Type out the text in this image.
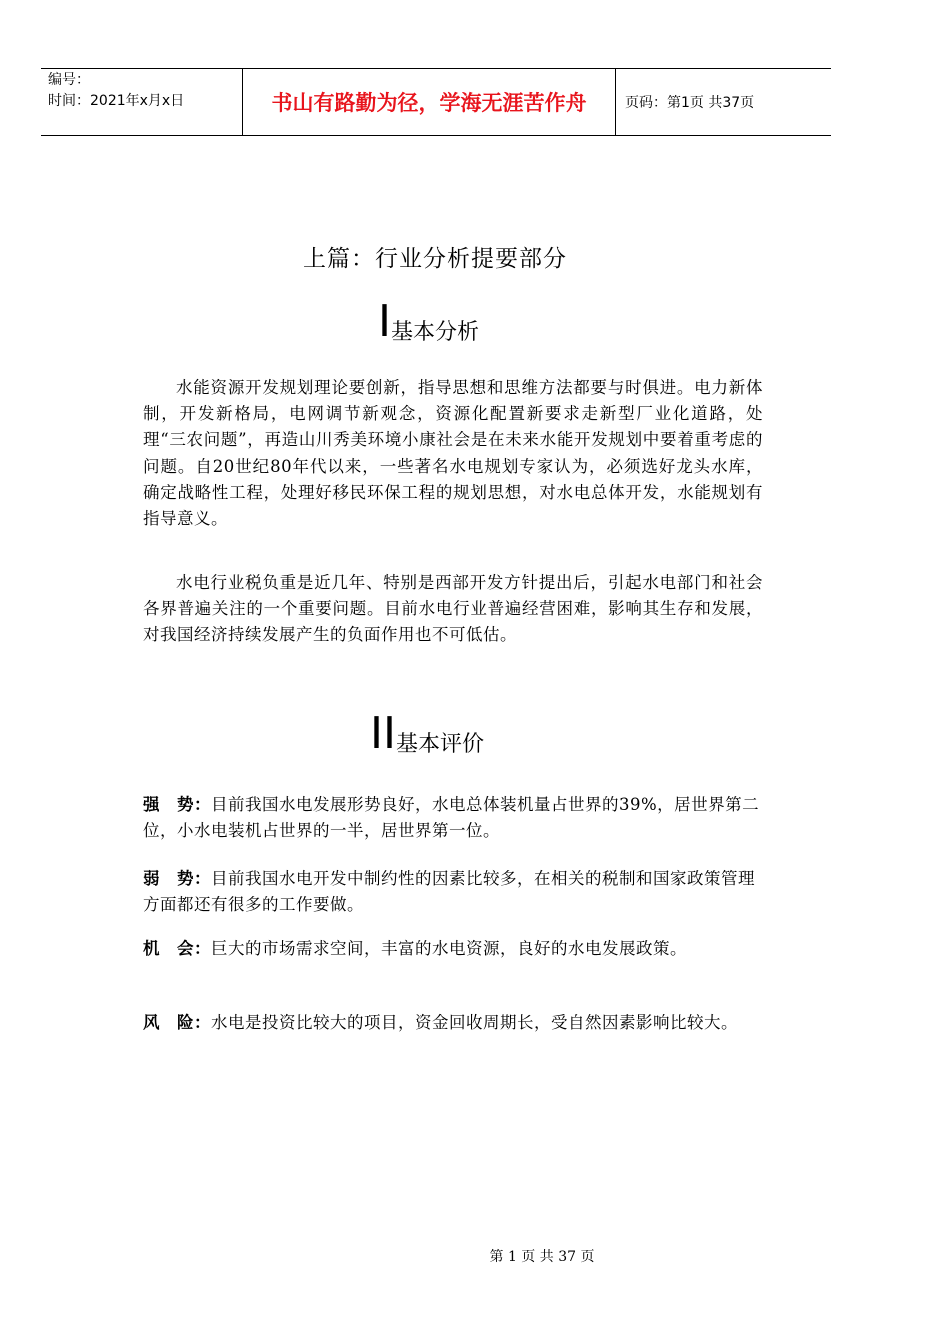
编号：
时间：2021年x月x日	书山有路勤为径，学海无涯苦作舟	页码：第1页 共37页
上篇：行业分析提要部分
I基本分析
水能资源开发规划理论要创新，指导思想和思维方法都要与时俱进。电力新体制，开发新格局，电网调节新观念，资源化配置新要求走新型厂业化道路，处理“三农问题”，再造山川秀美环境小康社会是在未来水能开发规划中要着重考虑的问题。自20世纪80年代以来，一些著名水电规划专家认为，必须选好龙头水库，确定战略性工程，处理好移民环保工程的规划思想，对水电总体开发，水能规划有指导意义。
水电行业税负重是近几年、特别是西部开发方针提出后，引起水电部门和社会各界普遍关注的一个重要问题。目前水电行业普遍经营困难，影响其生存和发展，对我国经济持续发展产生的负面作用也不可低估。
II基本评价
强　势：目前我国水电发展形势良好，水电总体装机量占世界的39%，居世界第二位，小水电装机占世界的一半，居世界第一位。
弱　势：目前我国水电开发中制约性的因素比较多，在相关的税制和国家政策管理方面都还有很多的工作要做。
机　会：巨大的市场需求空间，丰富的水电资源，良好的水电发展政策。
风　险：水电是投资比较大的项目，资金回收周期长，受自然因素影响比较大。
第 1 页 共 37 页
